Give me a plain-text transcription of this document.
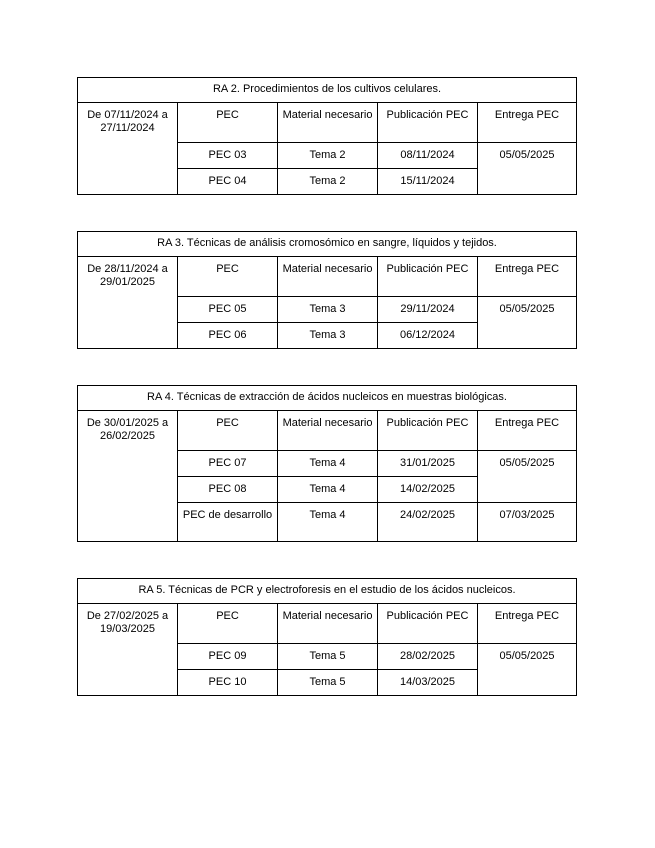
RA 2. Procedimientos de los cultivos celulares.				
De 07/11/2024 a 27/11/2024	PEC	Material necesario	Publicación PEC	Entrega PEC
	PEC 03	Tema 2	08/11/2024	05/05/2025
	PEC 04	Tema 2	15/11/2024	
RA 3. Técnicas de análisis cromosómico en sangre, líquidos y tejidos.				
De 28/11/2024 a 29/01/2025	PEC	Material necesario	Publicación PEC	Entrega PEC
	PEC 05	Tema 3	29/11/2024	05/05/2025
	PEC 06	Tema 3	06/12/2024	
RA 4. Técnicas de extracción de ácidos nucleicos en muestras biológicas.				
De 30/01/2025 a 26/02/2025	PEC	Material necesario	Publicación PEC	Entrega PEC
	PEC 07	Tema 4	31/01/2025	05/05/2025
	PEC 08	Tema 4	14/02/2025	
	PEC de desarrollo	Tema 4	24/02/2025	07/03/2025
RA 5. Técnicas de PCR y electroforesis en el estudio de los ácidos nucleicos.				
De 27/02/2025 a 19/03/2025	PEC	Material necesario	Publicación PEC	Entrega PEC
	PEC 09	Tema 5	28/02/2025	05/05/2025
	PEC 10	Tema 5	14/03/2025	
